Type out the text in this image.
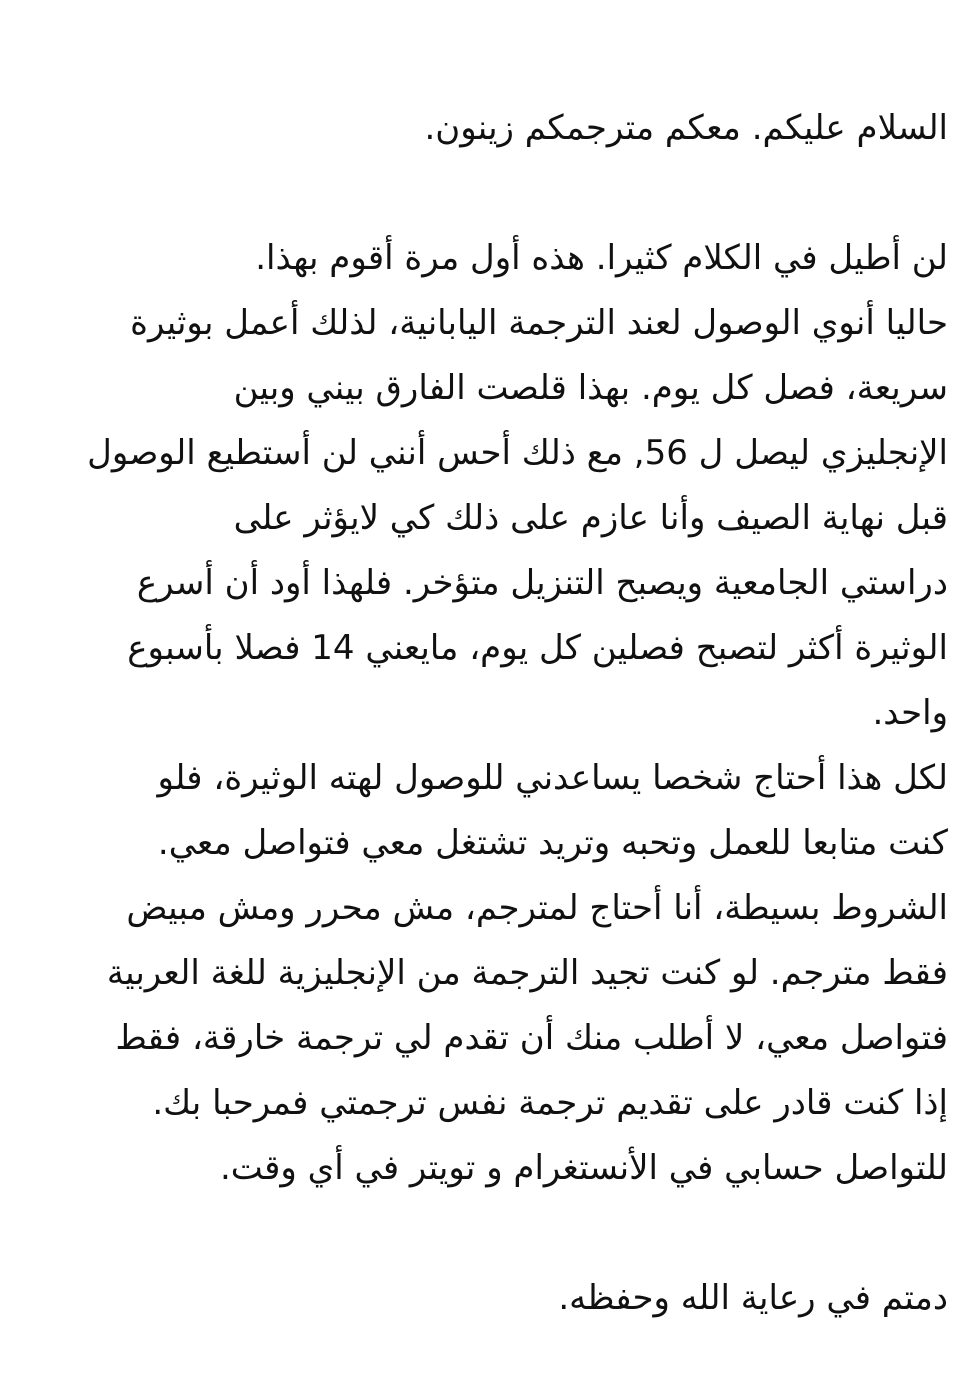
السلام عليكم. معكم مترجمكم زينون.
لن أطيل في الكلام كثيرا. هذه أول مرة أقوم بهذا.
حاليا أنوي الوصول لعند الترجمة اليابانية، لذلك أعمل بوثيرة
سريعة، فصل كل يوم. بهذا قلصت الفارق بيني وبين
الإنجليزي ليصل ل 56, مع ذلك أحس أنني لن أستطيع الوصول
قبل نهاية الصيف وأنا عازم على ذلك كي لايؤثر على
دراستي الجامعية ويصبح التنزيل متؤخر. فلهذا أود أن أسرع
الوثيرة أكثر لتصبح فصلين كل يوم، مايعني 14 فصلا بأسبوع
واحد.
لكل هذا أحتاج شخصا يساعدني للوصول لهته الوثيرة، فلو
كنت متابعا للعمل وتحبه وتريد تشتغل معي فتواصل معي.
الشروط بسيطة، أنا أحتاج لمترجم، مش محرر ومش مبيض
فقط مترجم. لو كنت تجيد الترجمة من الإنجليزية للغة العربية
فتواصل معي، لا أطلب منك أن تقدم لي ترجمة خارقة، فقط
إذا كنت قادر على تقديم ترجمة نفس ترجمتي فمرحبا بك.
للتواصل حسابي في الأنستغرام و تويتر في أي وقت.
دمتم في رعاية الله وحفظه.
